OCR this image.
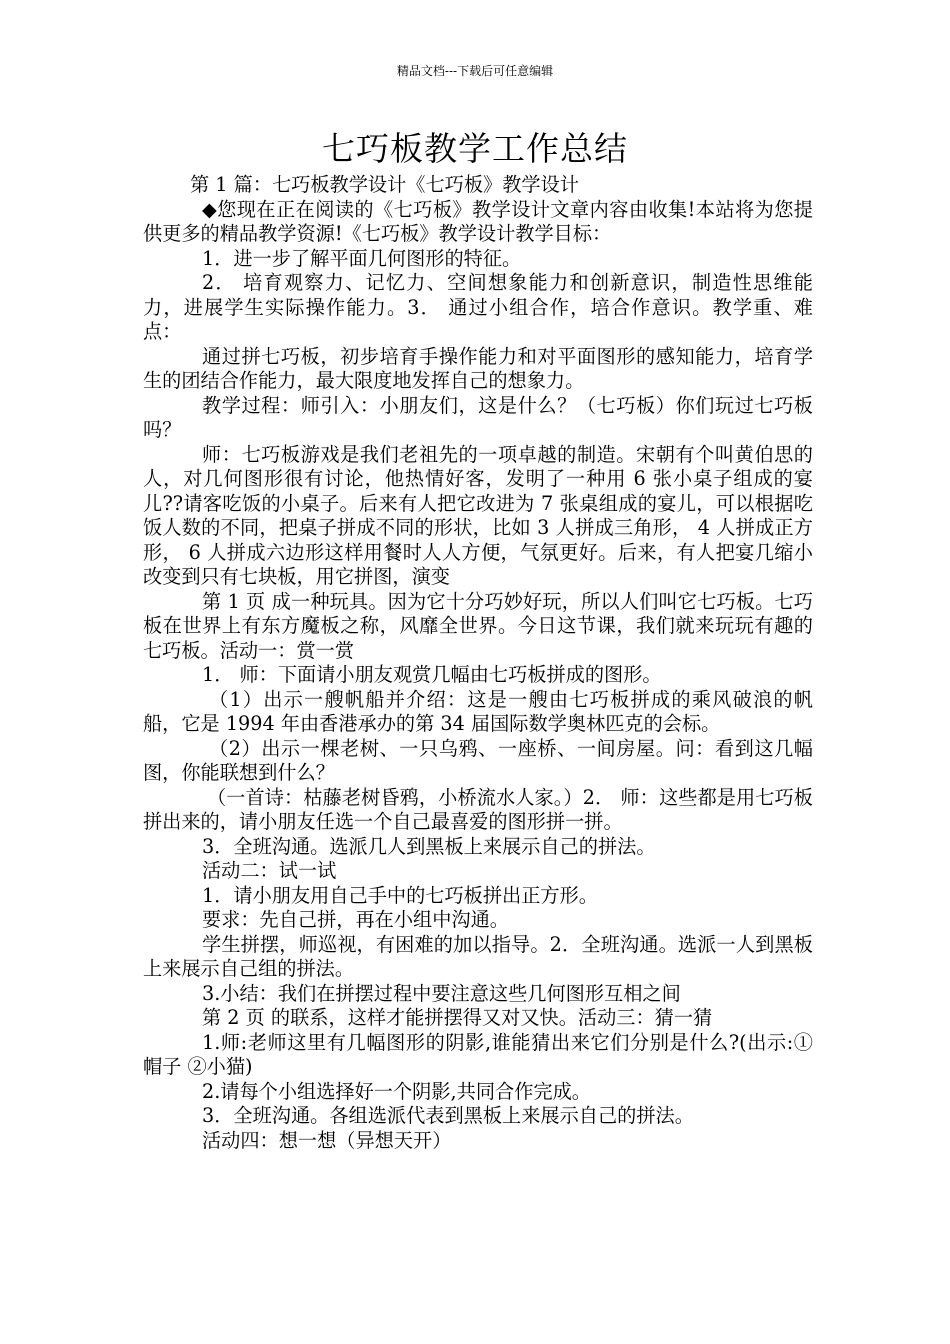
精品文档---下载后可任意编辑
七巧板教学工作总结

第 1 篇：七巧板教学设计《七巧板》教学设计

◆您现在正在阅读的《七巧板》教学设计文章内容由收集!本站将为您提供更多的精品教学资源!《七巧板》教学设计教学目标：

1．进一步了解平面几何图形的特征。

2． 培育观察力、记忆力、空间想象能力和创新意识，制造性思维能力，进展学生实际操作能力。3． 通过小组合作，培合作意识。教学重、难点：

通过拼七巧板，初步培育手操作能力和对平面图形的感知能力，培育学生的团结合作能力，最大限度地发挥自己的想象力。

教学过程：师引入：小朋友们，这是什么？（七巧板）你们玩过七巧板吗？

师：七巧板游戏是我们老祖先的一项卓越的制造。宋朝有个叫黄伯思的人，对几何图形很有讨论，他热情好客，发明了一种用 6 张小桌子组成的宴儿??请客吃饭的小桌子。后来有人把它改进为 7 张桌组成的宴儿，可以根据吃饭人数的不同，把桌子拼成不同的形状，比如 3 人拼成三角形， 4 人拼成正方形， 6 人拼成六边形这样用餐时人人方便，气氛更好。后来，有人把宴几缩小改变到只有七块板，用它拼图，演变

第 1 页 成一种玩具。因为它十分巧妙好玩，所以人们叫它七巧板。七巧板在世界上有东方魔板之称，风靡全世界。今日这节课，我们就来玩玩有趣的七巧板。活动一：赏一赏

1． 师：下面请小朋友观赏几幅由七巧板拼成的图形。

（1）出示一艘帆船并介绍：这是一艘由七巧板拼成的乘风破浪的帆船，它是 1994 年由香港承办的第 34 届国际数学奥林匹克的会标。

（2）出示一棵老树、一只乌鸦、一座桥、一间房屋。问：看到这几幅图，你能联想到什么？

（一首诗：枯藤老树昏鸦，小桥流水人家。）2． 师：这些都是用七巧板拼出来的，请小朋友任选一个自己最喜爱的图形拼一拼。

3．全班沟通。选派几人到黑板上来展示自己的拼法。

活动二：试一试

1．请小朋友用自己手中的七巧板拼出正方形。

要求：先自己拼，再在小组中沟通。

学生拼摆，师巡视，有困难的加以指导。2．全班沟通。选派一人到黑板上来展示自己组的拼法。

3.小结：我们在拼摆过程中要注意这些几何图形互相之间

第 2 页 的联系，这样才能拼摆得又对又快。活动三：猜一猜

1.师:老师这里有几幅图形的阴影,谁能猜出来它们分别是什么?(出示:① 帽子 ②小猫)

2.请每个小组选择好一个阴影,共同合作完成。

3．全班沟通。各组选派代表到黑板上来展示自己的拼法。

活动四：想一想（异想天开）
